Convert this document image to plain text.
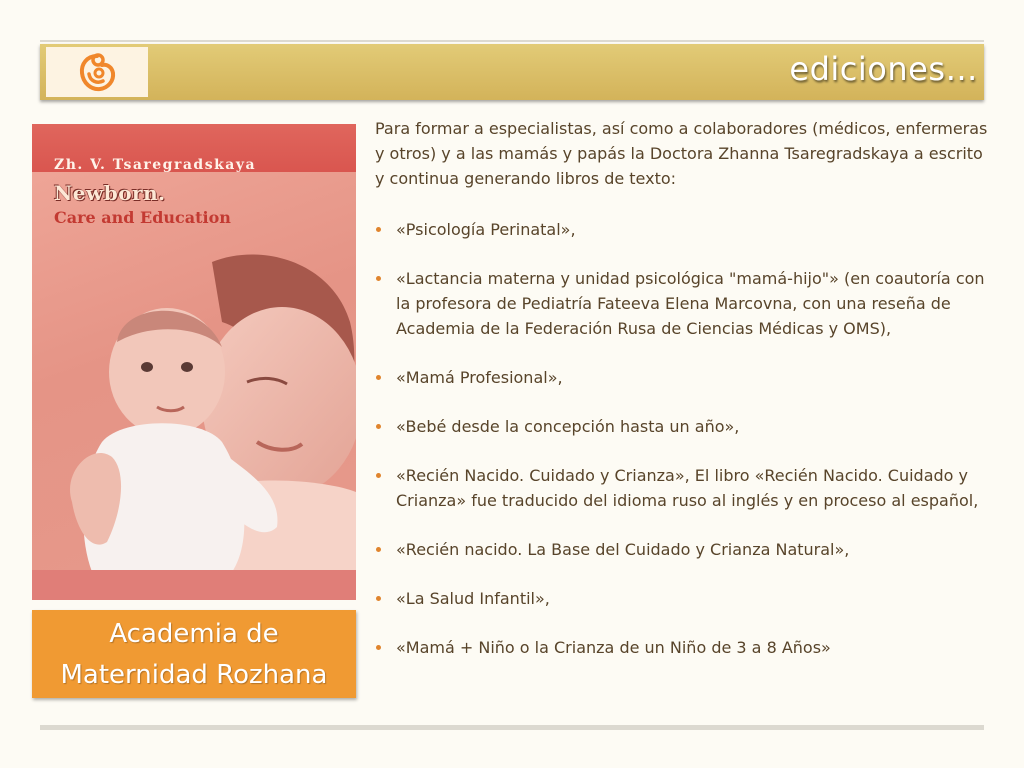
ediciones…
Zh. V. Tsaregradskaya
Newborn.
Care and Education
Academia de
Maternidad Rozhana

Para formar a especialistas, así como a colaboradores (médicos, enfermeras y otros) y a las mamás y papás la Doctora Zhanna Tsaregradskaya a escrito y continua generando libros de texto:

«Psicología Perinatal»,
«Lactancia materna y unidad psicológica "mamá-hijo"» (en coautoría con la profesora de Pediatría Fateeva Elena Marcovna, con una reseña de Academia de la Federación Rusa de Ciencias Médicas y OMS),
«Mamá Profesional»,
«Bebé desde la concepción hasta un año»,
«Recién Nacido. Cuidado y Crianza», El libro «Recién Nacido. Cuidado y Crianza» fue traducido del idioma ruso al inglés y en proceso al español,
«Recién nacido. La Base del Cuidado y Crianza Natural»,
«La Salud Infantil»,
«Mamá + Niño o la Crianza de un Niño de 3 a 8 Años»
